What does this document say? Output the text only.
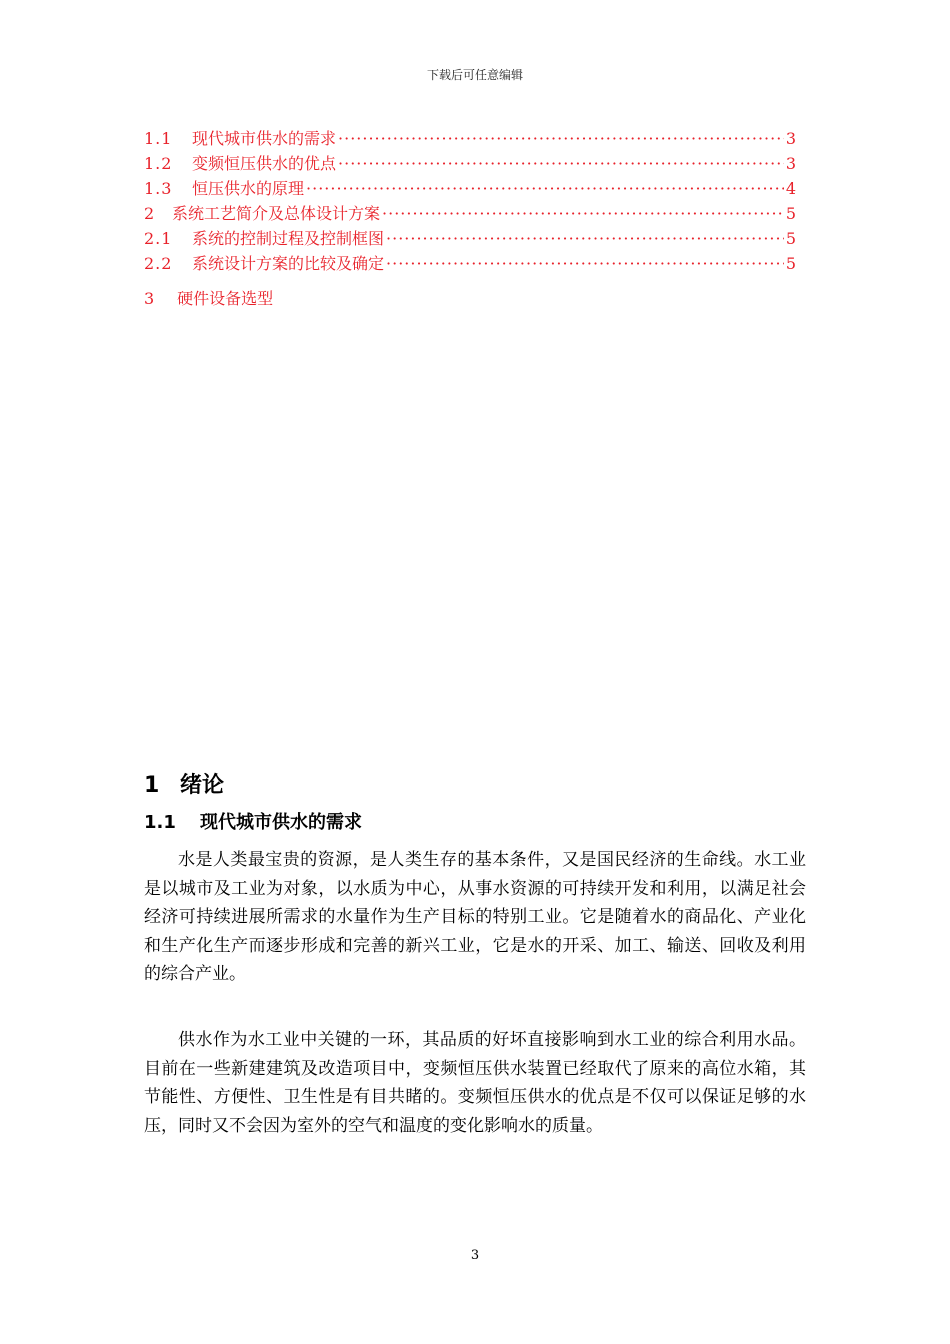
下载后可任意编辑
1.1	现代城市供水的需求 ·····	3
1.2	变频恒压供水的优点 ·····	3
1.3	恒压供水的原理 ·····	4
2	系统工艺简介及总体设计方案 ·····	5
2.1	系统的控制过程及控制框图 ·····	5
2.2	系统设计方案的比较及确定 ·····	5
3 硬件设备选型
1 绪论
1.1 现代城市供水的需求
水是人类最宝贵的资源，是人类生存的基本条件，又是国民经济的生命线。水工业是以城市及工业为对象，以水质为中心，从事水资源的可持续开发和利用，以满足社会经济可持续进展所需求的水量作为生产目标的特别工业。它是随着水的商品化、产业化和生产化生产而逐步形成和完善的新兴工业，它是水的开采、加工、输送、回收及利用的综合产业。
供水作为水工业中关键的一环，其品质的好坏直接影响到水工业的综合利用水品。目前在一些新建建筑及改造项目中，变频恒压供水装置已经取代了原来的高位水箱，其节能性、方便性、卫生性是有目共睹的。变频恒压供水的优点是不仅可以保证足够的水压，同时又不会因为室外的空气和温度的变化影响水的质量。
3
